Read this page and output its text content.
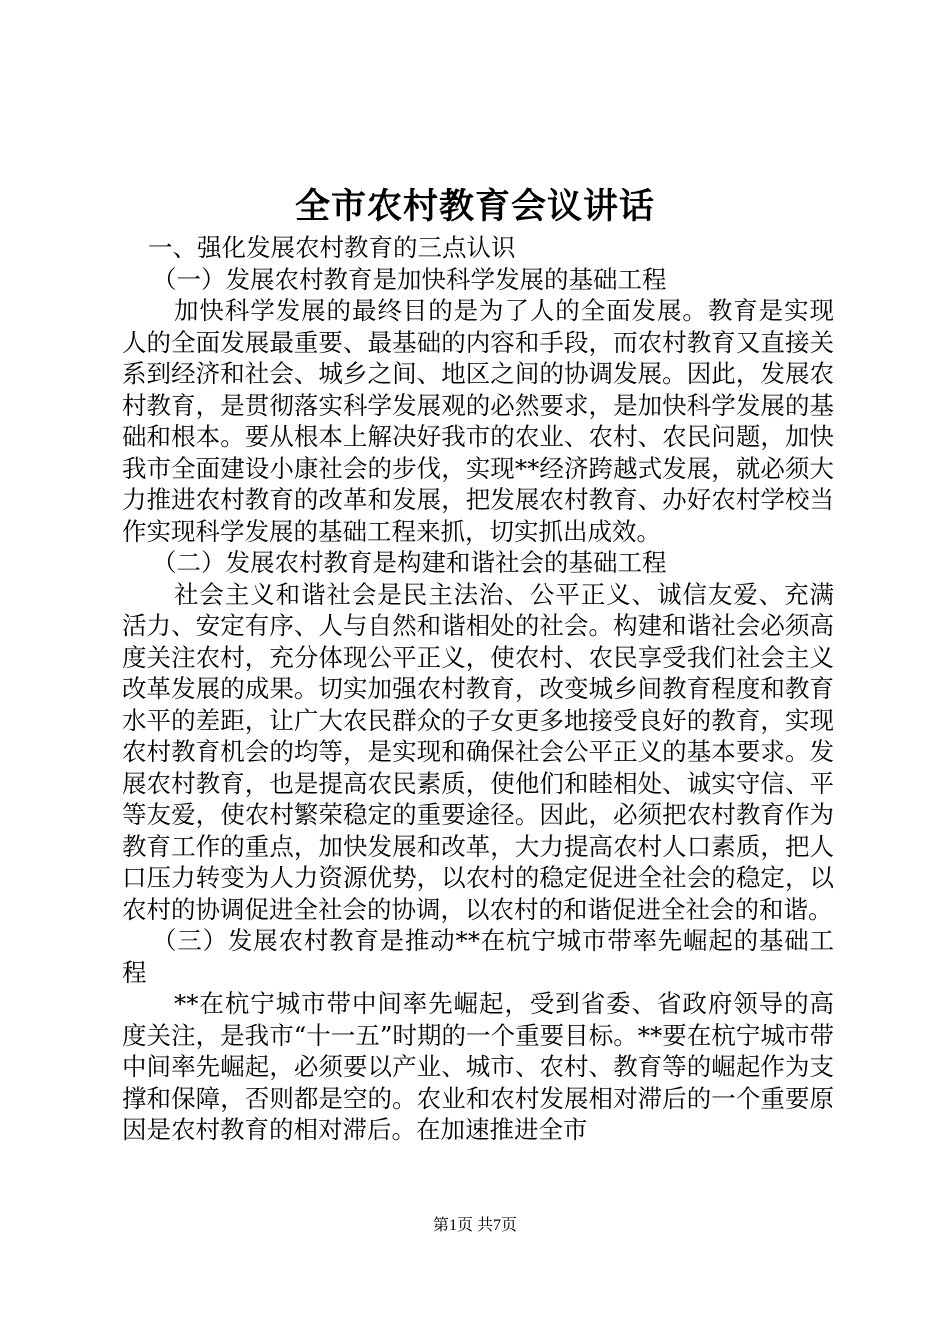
全市农村教育会议讲话

一、强化发展农村教育的三点认识

（一）发展农村教育是加快科学发展的基础工程

加快科学发展的最终目的是为了人的全面发展。教育是实现人的全面发展最重要、最基础的内容和手段，而农村教育又直接关系到经济和社会、城乡之间、地区之间的协调发展。因此，发展农村教育，是贯彻落实科学发展观的必然要求，是加快科学发展的基础和根本。要从根本上解决好我市的农业、农村、农民问题，加快我市全面建设小康社会的步伐，实现**经济跨越式发展，就必须大力推进农村教育的改革和发展，把发展农村教育、办好农村学校当作实现科学发展的基础工程来抓，切实抓出成效。

（二）发展农村教育是构建和谐社会的基础工程

社会主义和谐社会是民主法治、公平正义、诚信友爱、充满活力、安定有序、人与自然和谐相处的社会。构建和谐社会必须高度关注农村，充分体现公平正义，使农村、农民享受我们社会主义改革发展的成果。切实加强农村教育，改变城乡间教育程度和教育水平的差距，让广大农民群众的子女更多地接受良好的教育，实现农村教育机会的均等，是实现和确保社会公平正义的基本要求。发展农村教育，也是提高农民素质，使他们和睦相处、诚实守信、平等友爱，使农村繁荣稳定的重要途径。因此，必须把农村教育作为教育工作的重点，加快发展和改革，大力提高农村人口素质，把人口压力转变为人力资源优势，以农村的稳定促进全社会的稳定，以农村的协调促进全社会的协调，以农村的和谐促进全社会的和谐。

（三）发展农村教育是推动**在杭宁城市带率先崛起的基础工程

**在杭宁城市带中间率先崛起，受到省委、省政府领导的高度关注，是我市“十一五”时期的一个重要目标。**要在杭宁城市带中间率先崛起，必须要以产业、城市、农村、教育等的崛起作为支撑和保障，否则都是空的。农业和农村发展相对滞后的一个重要原因是农村教育的相对滞后。在加速推进全市

第1页 共7页
